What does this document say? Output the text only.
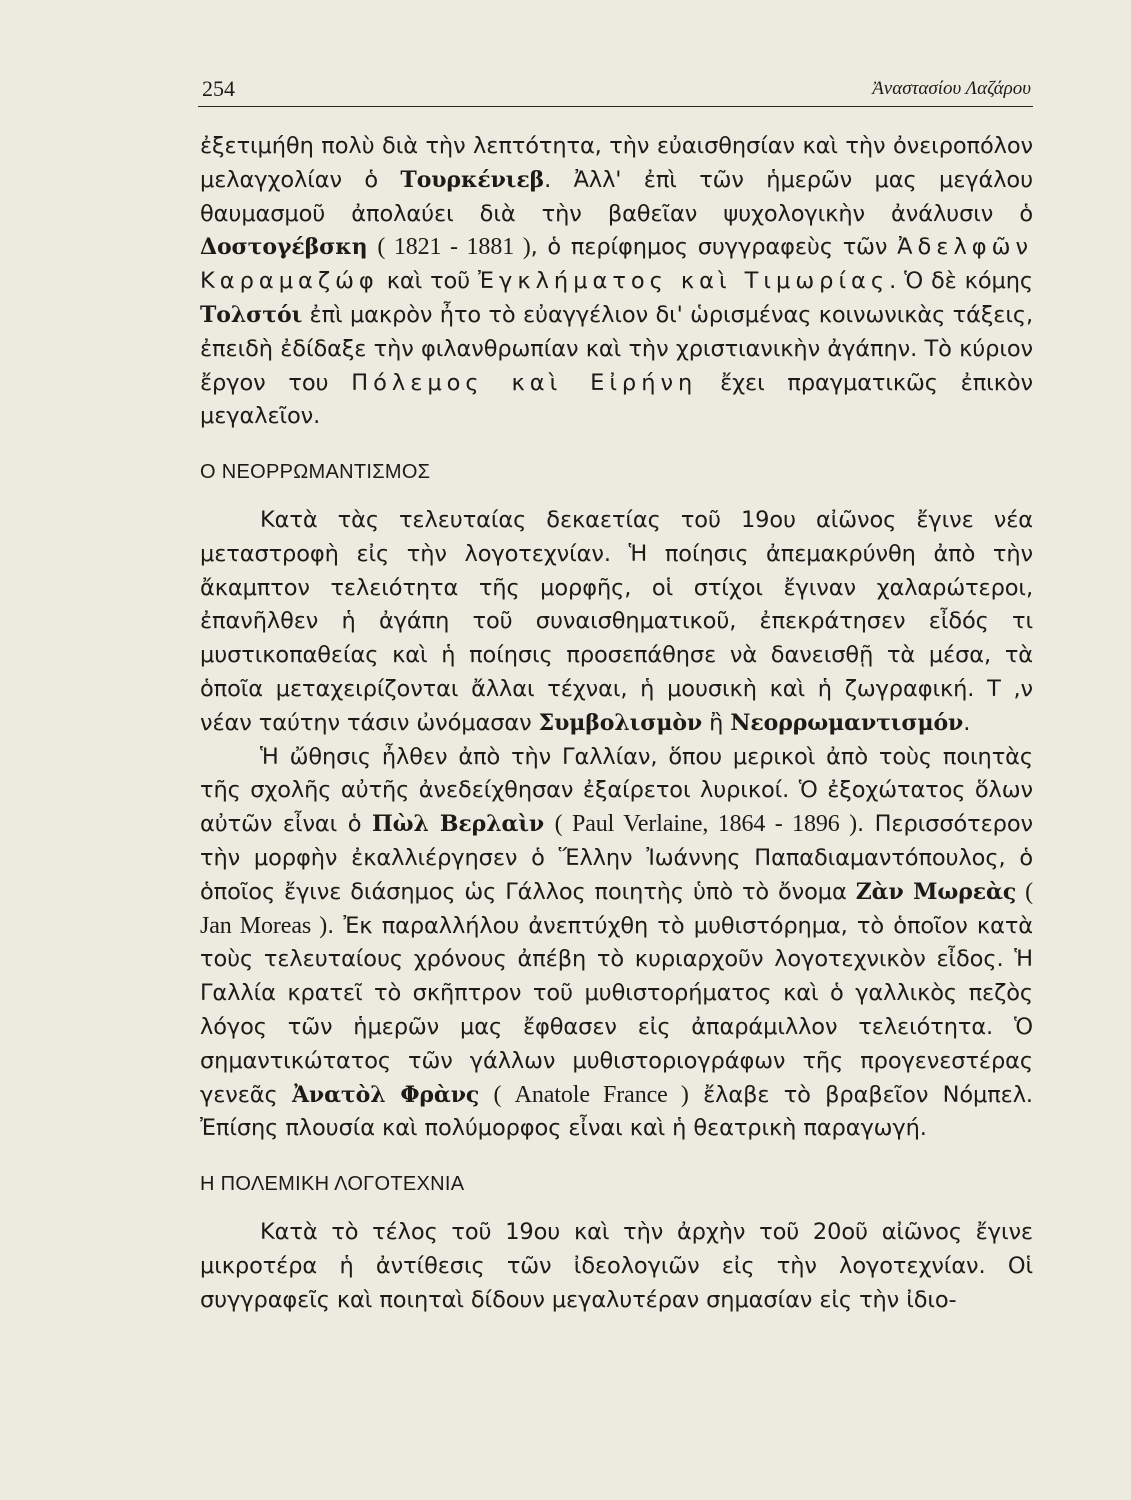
254	Ἀναστασίου Λαζάρου

ἐξετιμήθη πολὺ διὰ τὴν λεπτότητα, τὴν εὐαισθησίαν καὶ τὴν ὀνειροπόλον μελαγχολίαν ὁ Τουρκένιεβ. Ἀλλ' ἐπὶ τῶν ἡμερῶν μας μεγάλου θαυμασμοῦ ἀπολαύει διὰ τὴν βαθεῖαν ψυχολογικὴν ἀνάλυσιν ὁ Δοστογέβσκη ( 1821 - 1881 ), ὁ περίφημος συγγραφεὺς τῶν Ἀδελφῶν Καραμαζώφ καὶ τοῦ Ἐγκλήματος καὶ Τιμωρίας. Ὁ δὲ κόμης Τολστόι ἐπὶ μακρὸν ἦτο τὸ εὐαγγέλιον δι' ὡρισμένας κοινωνικὰς τάξεις, ἐπειδὴ ἐδίδαξε τὴν φιλανθρωπίαν καὶ τὴν χριστιανικὴν ἀγάπην. Τὸ κύριον ἔργον του Πόλεμος καὶ Εἰρήνη ἔχει πραγματικῶς ἐπικὸν μεγαλεῖον.

Ο ΝΕΟΡΡΩΜΑΝΤΙΣΜΟΣ

Κατὰ τὰς τελευταίας δεκαετίας τοῦ 19ου αἰῶνος ἔγινε νέα μεταστροφὴ εἰς τὴν λογοτεχνίαν. Ἡ ποίησις ἀπεμακρύνθη ἀπὸ τὴν ἄκαμπτον τελειότητα τῆς μορφῆς, οἱ στίχοι ἔγιναν χαλαρώτεροι, ἐπανῆλθεν ἡ ἀγάπη τοῦ συναισθηματικοῦ, ἐπεκράτησεν εἶδός τι μυστικοπαθείας καὶ ἡ ποίησις προσεπάθησε νὰ δανεισθῇ τὰ μέσα, τὰ ὁποῖα μεταχειρίζονται ἄλλαι τέχναι, ἡ μουσικὴ καὶ ἡ ζωγραφική. Τ ,ν νέαν ταύτην τάσιν ὠνόμασαν Συμβολισμὸν ἢ Νεορρωμαντισμόν.

Ἡ ὤθησις ἦλθεν ἀπὸ τὴν Γαλλίαν, ὅπου μερικοὶ ἀπὸ τοὺς ποιητὰς τῆς σχολῆς αὐτῆς ἀνεδείχθησαν ἐξαίρετοι λυρικοί. Ὁ ἐξοχώτατος ὅλων αὐτῶν εἶναι ὁ Πὼλ Βερλαὶν ( Paul Verlaine, 1864 - 1896 ). Περισσότερον τὴν μορφὴν ἐκαλλιέργησεν ὁ Ἕλλην Ἰωάννης Παπαδιαμαντόπουλος, ὁ ὁποῖος ἔγινε διάσημος ὡς Γάλλος ποιητὴς ὑπὸ τὸ ὄνομα Ζὰν Μωρεὰς ( Jan Moreas ). Ἐκ παραλλήλου ἀνεπτύχθη τὸ μυθιστόρημα, τὸ ὁποῖον κατὰ τοὺς τελευταίους χρόνους ἀπέβη τὸ κυριαρχοῦν λογοτεχνικὸν εἶδος. Ἡ Γαλλία κρατεῖ τὸ σκῆπτρον τοῦ μυθιστορήματος καὶ ὁ γαλλικὸς πεζὸς λόγος τῶν ἡμερῶν μας ἔφθασεν εἰς ἀπαράμιλλον τελειότητα. Ὁ σημαντικώτατος τῶν γάλλων μυθιστοριογράφων τῆς προγενεστέρας γενεᾶς Ἀνατὸλ Φρὰνς ( Anatole France ) ἔλαβε τὸ βραβεῖον Νόμπελ. Ἐπίσης πλουσία καὶ πολύμορφος εἶναι καὶ ἡ θεατρικὴ παραγωγή.

Η ΠΟΛΕΜΙΚΗ ΛΟΓΟΤΕΧΝΙΑ

Κατὰ τὸ τέλος τοῦ 19ου καὶ τὴν ἀρχὴν τοῦ 20οῦ αἰῶνος ἔγινε μικροτέρα ἡ ἀντίθεσις τῶν ἰδεολογιῶν εἰς τὴν λογοτεχνίαν. Οἱ συγγραφεῖς καὶ ποιηταὶ δίδουν μεγαλυτέραν σημασίαν εἰς τὴν ἰδιο-
